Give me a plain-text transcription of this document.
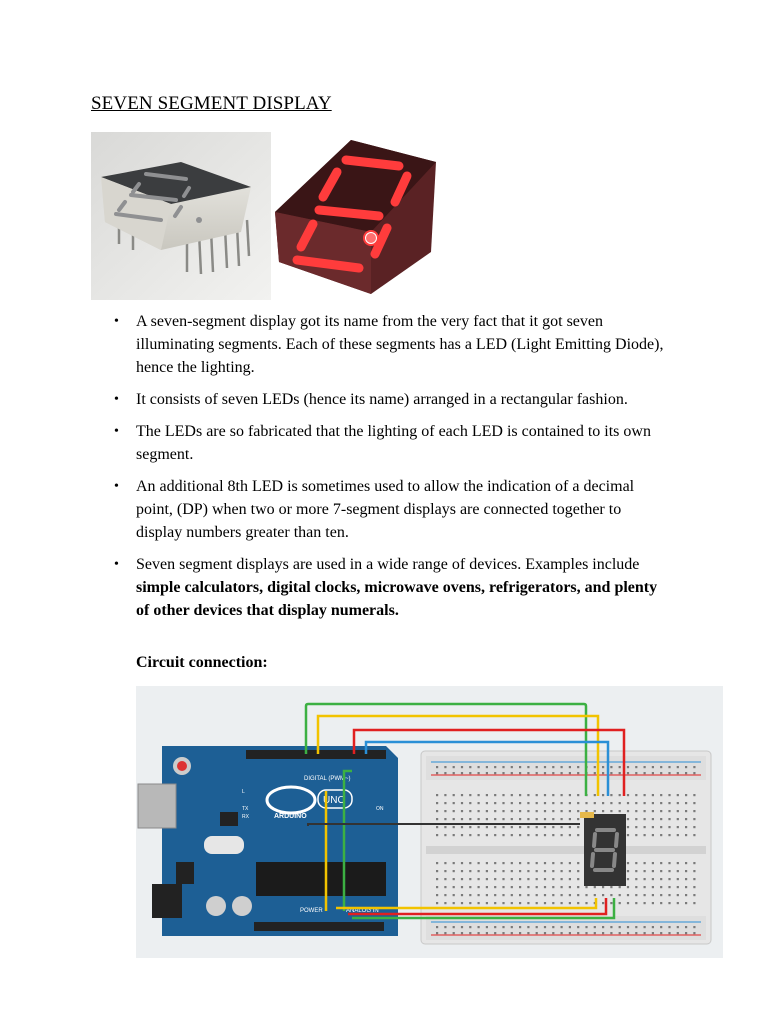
SEVEN SEGMENT DISPLAY
• A seven-segment display got its name from the very fact that it got seven illuminating segments. Each of these segments has a LED (Light Emitting Diode), hence the lighting.
• It consists of seven LEDs (hence its name) arranged in a rectangular fashion.
• The LEDs are so fabricated that the lighting of each LED is contained to its own segment.
• An additional 8th LED is sometimes used to allow the indication of a decimal point, (DP) when two or more 7-segment displays are connected together to display numbers greater than ten.
• Seven segment displays are used in a wide range of devices. Examples include simple calculators, digital clocks, microwave ovens, refrigerators, and plenty of other devices that display numerals.
Circuit connection:
ARDUINO
UNO
DIGITAL (PWM~)
POWER	ANALOG IN
TX
RX
L
ON
